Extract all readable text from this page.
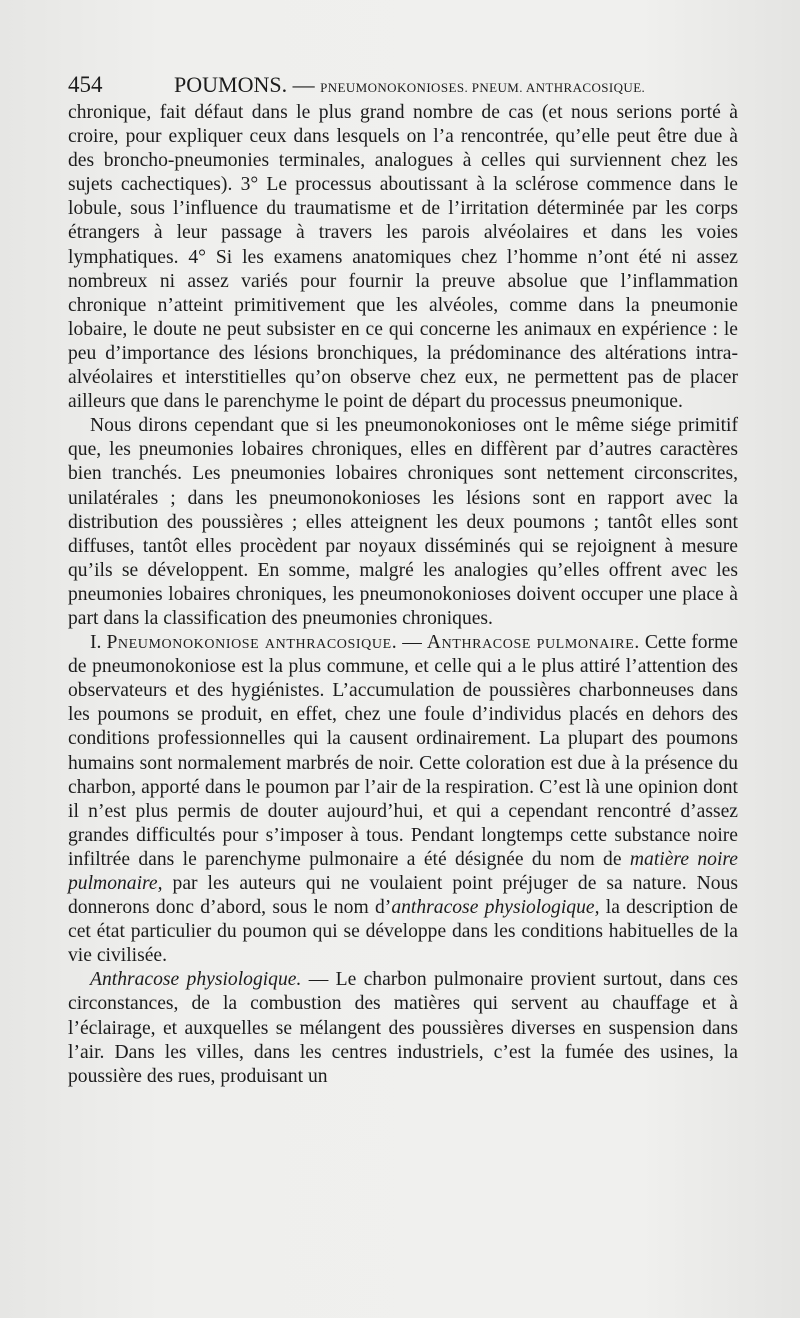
454	POUMONS. — PNEUMONOKONIOSES. PNEUM. ANTHRACOSIQUE.

chronique, fait défaut dans le plus grand nombre de cas (et nous serions porté à croire, pour expliquer ceux dans lesquels on l’a rencontrée, qu’elle peut être due à des broncho-pneumonies terminales, analogues à celles qui surviennent chez les sujets cachectiques). 3° Le processus aboutissant à la sclérose commence dans le lobule, sous l’influence du traumatisme et de l’irritation déterminée par les corps étrangers à leur passage à travers les parois alvéolaires et dans les voies lymphatiques. 4° Si les examens anatomiques chez l’homme n’ont été ni assez nombreux ni assez variés pour fournir la preuve absolue que l’inflammation chronique n’atteint primitivement que les alvéoles, comme dans la pneumonie lobaire, le doute ne peut subsister en ce qui concerne les animaux en expérience : le peu d’importance des lésions bronchiques, la prédominance des altérations intra-alvéolaires et interstitielles qu’on observe chez eux, ne permettent pas de placer ailleurs que dans le parenchyme le point de départ du processus pneumonique.

Nous dirons cependant que si les pneumonokonioses ont le même siége primitif que, les pneumonies lobaires chroniques, elles en diffèrent par d’autres caractères bien tranchés. Les pneumonies lobaires chroniques sont nettement circonscrites, unilatérales ; dans les pneumonokonioses les lésions sont en rapport avec la distribution des poussières ; elles atteignent les deux poumons ; tantôt elles sont diffuses, tantôt elles procèdent par noyaux disséminés qui se rejoignent à mesure qu’ils se développent. En somme, malgré les analogies qu’elles offrent avec les pneumonies lobaires chroniques, les pneumonokonioses doivent occuper une place à part dans la classification des pneumonies chroniques.

I. Pneumonokoniose anthracosique. — Anthracose pulmonaire. Cette forme de pneumonokoniose est la plus commune, et celle qui a le plus attiré l’attention des observateurs et des hygiénistes. L’accumulation de poussières charbonneuses dans les poumons se produit, en effet, chez une foule d’individus placés en dehors des conditions professionnelles qui la causent ordinairement. La plupart des poumons humains sont normalement marbrés de noir. Cette coloration est due à la présence du charbon, apporté dans le poumon par l’air de la respiration. C’est là une opinion dont il n’est plus permis de douter aujourd’hui, et qui a cependant rencontré d’assez grandes difficultés pour s’imposer à tous. Pendant longtemps cette substance noire infiltrée dans le parenchyme pulmonaire a été désignée du nom de matière noire pulmonaire, par les auteurs qui ne voulaient point préjuger de sa nature. Nous donnerons donc d’abord, sous le nom d’anthracose physiologique, la description de cet état particulier du poumon qui se développe dans les conditions habituelles de la vie civilisée.

Anthracose physiologique. — Le charbon pulmonaire provient surtout, dans ces circonstances, de la combustion des matières qui servent au chauffage et à l’éclairage, et auxquelles se mélangent des poussières diverses en suspension dans l’air. Dans les villes, dans les centres industriels, c’est la fumée des usines, la poussière des rues, produisant un
